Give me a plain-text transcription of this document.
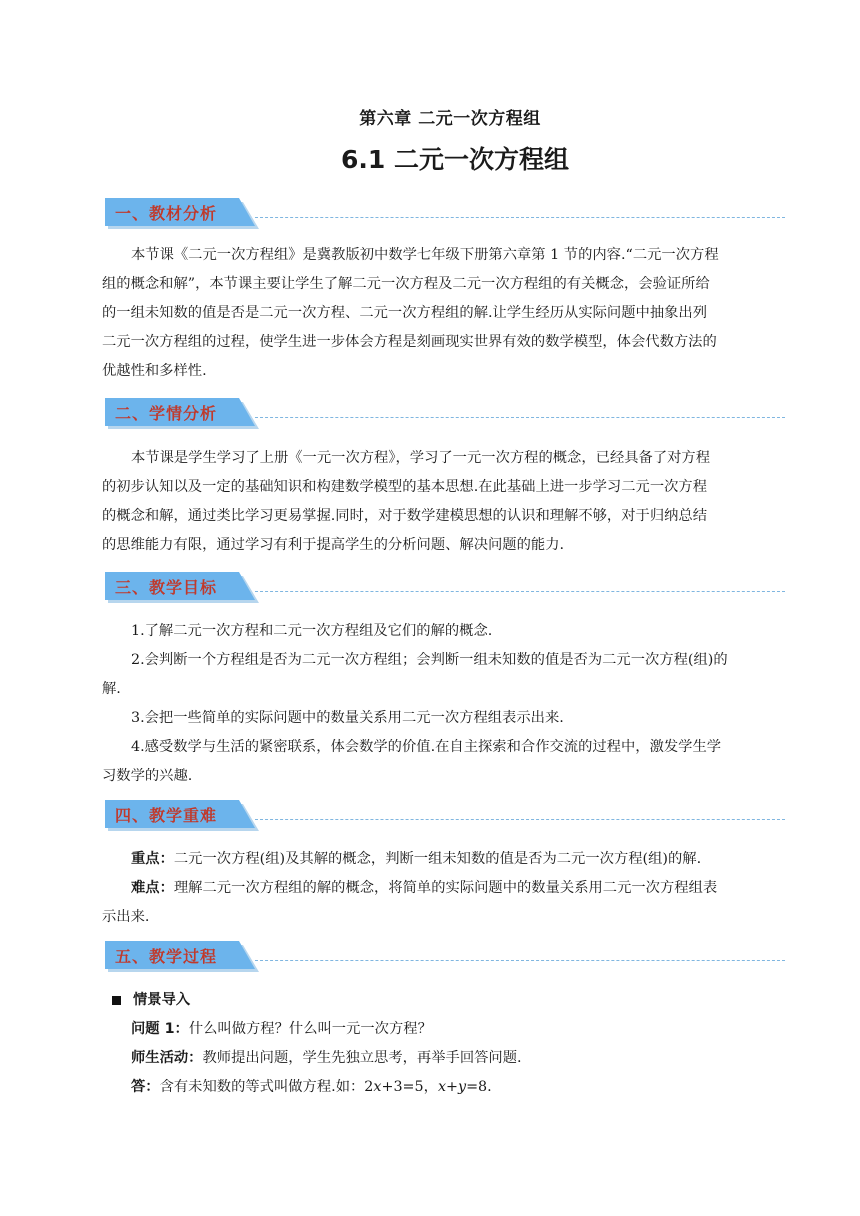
第六章 二元一次方程组
6.1 二元一次方程组
一、教材分析
本节课《二元一次方程组》是冀教版初中数学七年级下册第六章第 1 节的内容.“二元一次方程
组的概念和解”，本节课主要让学生了解二元一次方程及二元一次方程组的有关概念，会验证所给
的一组未知数的值是否是二元一次方程、二元一次方程组的解.让学生经历从实际问题中抽象出列
二元一次方程组的过程，使学生进一步体会方程是刻画现实世界有效的数学模型，体会代数方法的
优越性和多样性.
二、学情分析
本节课是学生学习了上册《一元一次方程》，学习了一元一次方程的概念，已经具备了对方程
的初步认知以及一定的基础知识和构建数学模型的基本思想.在此基础上进一步学习二元一次方程
的概念和解，通过类比学习更易掌握.同时，对于数学建模思想的认识和理解不够，对于归纳总结
的思维能力有限，通过学习有利于提高学生的分析问题、解决问题的能力.
三、教学目标
1.了解二元一次方程和二元一次方程组及它们的解的概念.
2.会判断一个方程组是否为二元一次方程组；会判断一组未知数的值是否为二元一次方程(组)的
解.
3.会把一些简单的实际问题中的数量关系用二元一次方程组表示出来.
4.感受数学与生活的紧密联系，体会数学的价值.在自主探索和合作交流的过程中，激发学生学
习数学的兴趣.
四、教学重难
重点：二元一次方程(组)及其解的概念，判断一组未知数的值是否为二元一次方程(组)的解.
难点：理解二元一次方程组的解的概念，将简单的实际问题中的数量关系用二元一次方程组表
示出来.
五、教学过程
情景导入
问题 1：什么叫做方程？什么叫一元一次方程？
师生活动：教师提出问题，学生先独立思考，再举手回答问题.
答：含有未知数的等式叫做方程.如：2x+3=5，x+y=8.
